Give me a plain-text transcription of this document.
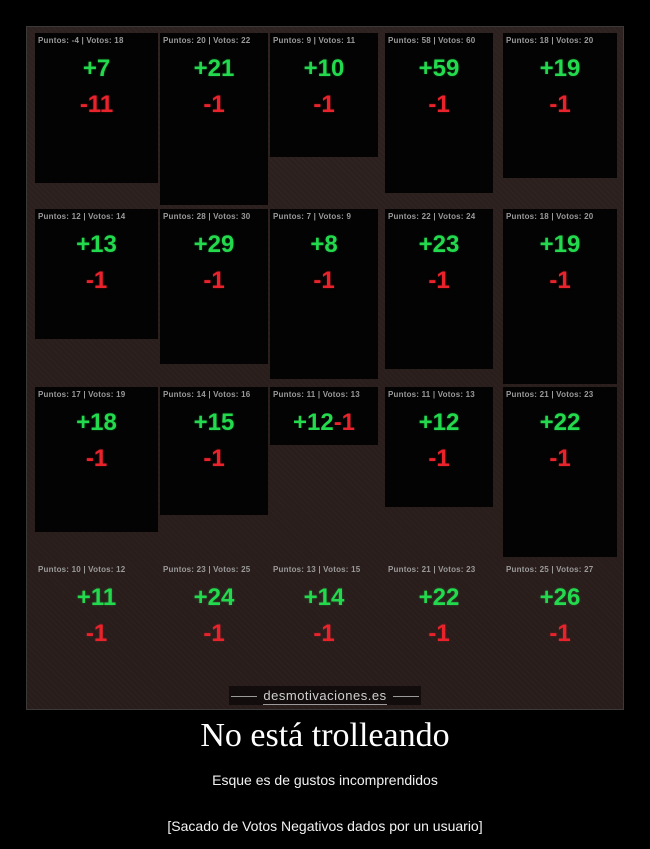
Puntos: -4 | Votos: 18
+7
-11
Puntos: 20 | Votos: 22
+21
-1
Puntos: 9 | Votos: 11
+10
-1
Puntos: 58 | Votos: 60
+59
-1
Puntos: 18 | Votos: 20
+19
-1
Puntos: 12 | Votos: 14
+13
-1
Puntos: 28 | Votos: 30
+29
-1
Puntos: 7 | Votos: 9
+8
-1
Puntos: 22 | Votos: 24
+23
-1
Puntos: 18 | Votos: 20
+19
-1
Puntos: 17 | Votos: 19
+18
-1
Puntos: 14 | Votos: 16
+15
-1
Puntos: 11 | Votos: 13
+12-1
Puntos: 11 | Votos: 13
+12
-1
Puntos: 21 | Votos: 23
+22
-1
Puntos: 10 | Votos: 12
+11
-1
Puntos: 23 | Votos: 25
+24
-1
Puntos: 13 | Votos: 15
+14
-1
Puntos: 21 | Votos: 23
+22
-1
Puntos: 25 | Votos: 27
+26
-1
desmotivaciones.es
No está trolleando
Esque es de gustos incomprendidos
[Sacado de Votos Negativos dados por un usuario]
